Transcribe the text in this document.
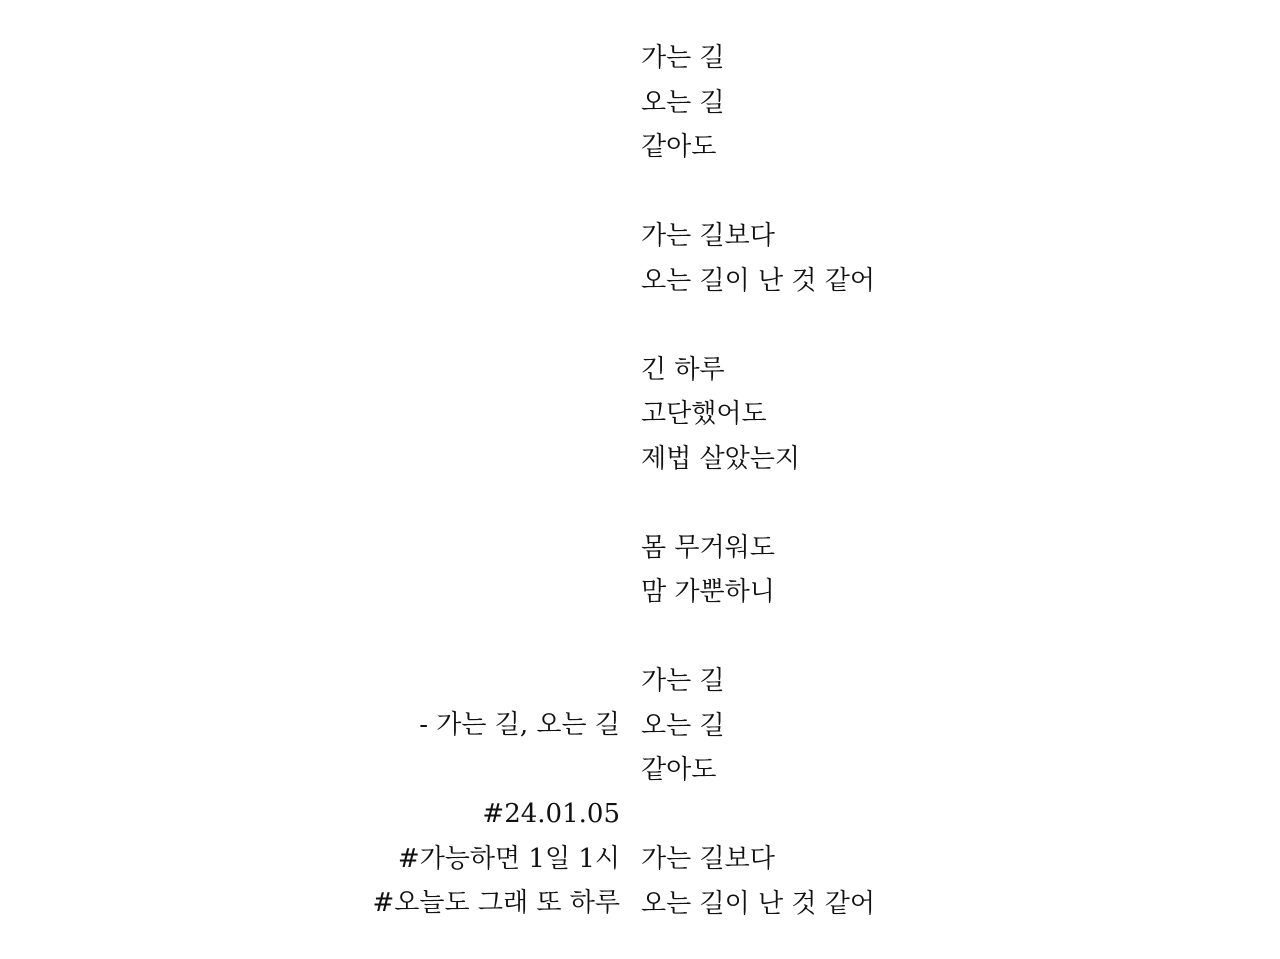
가는 길
오는 길
같아도
가는 길보다
오는 길이 난 것 같어
긴 하루
고단했어도
제법 살았는지
몸 무거워도
맘 가뿐하니
가는 길
오는 길
같아도
가는 길보다
오는 길이 난 것 같어
- 가는 길, 오는 길
#24.01.05
#가능하면 1일 1시
#오늘도 그래 또 하루
